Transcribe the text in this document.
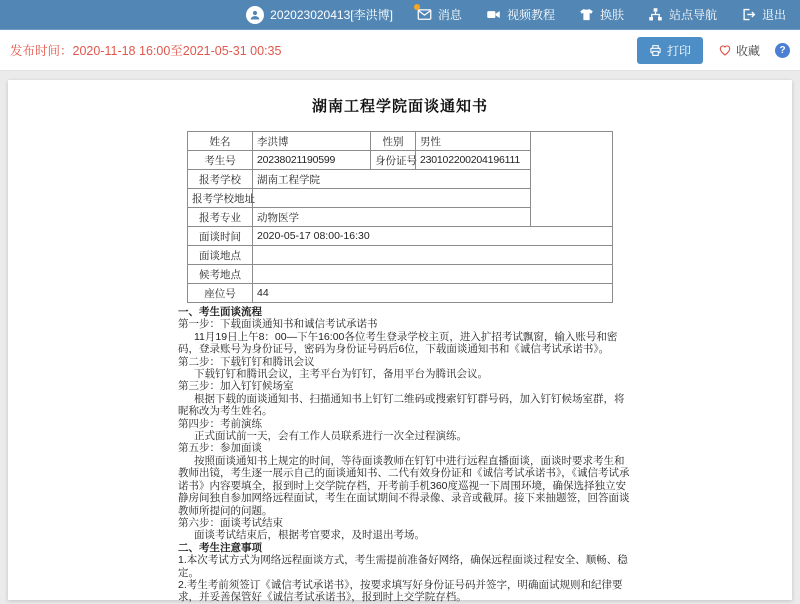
202023020413[李洪博]	消息	视频教程	换肤	站点导航	退出
发布时间：2020-11-18 16:00至2021-05-31 00:35	打印	收藏
?
湖南工程学院面谈通知书
姓名	李洪博	性别	男性	
考生号	20238021190599	身份证号	230102200204196111	
报考学校	湖南工程学院			
报考学校地址				
报考专业	动物医学			
面谈时间	2020-05-17 08:00-16:30			
面谈地点				
候考地点				
座位号	44			
一、考生面谈流程
第一步：下载面谈通知书和诚信考试承诺书
11月19日上午8：00—下午16:00各位考生登录学校主页，进入扩招考试飘窗，输入账号和密码，登录账号为身份证号，密码为身份证号码后6位，下载面谈通知书和《诚信考试承诺书》。
第二步：下载钉钉和腾讯会议
下载钉钉和腾讯会议，主考平台为钉钉，备用平台为腾讯会议。
第三步：加入钉钉候场室
根据下载的面谈通知书、扫描通知书上钉钉二维码或搜索钉钉群号码，加入钉钉候场室群，将昵称改为考生姓名。
第四步：考前演练
正式面试前一天，会有工作人员联系进行一次全过程演练。
第五步：参加面谈
按照面谈通知书上规定的时间，等待面谈教师在钉钉中进行远程直播面谈，面谈时要求考生和教师出镜，考生逐一展示自己的面谈通知书、二代有效身份证和《诚信考试承诺书》，《诚信考试承诺书》内容要填全，报到时上交学院存档，开考前手机360度巡视一下周围环境，确保选择独立安静房间独自参加网络远程面试，考生在面试期间不得录像、录音或截屏。接下来抽题签，回答面谈教师所提问的问题。
第六步：面谈考试结束
面谈考试结束后，根据考官要求，及时退出考场。
二、考生注意事项
1.本次考试方式为网络远程面谈方式，考生需提前准备好网络，确保远程面谈过程安全、顺畅、稳定。
2.考生考前须签订《诚信考试承诺书》，按要求填写好身份证号码并签字，明确面试规则和纪律要求，并妥善保管好《诚信考试承诺书》，报到时上交学院存档。
